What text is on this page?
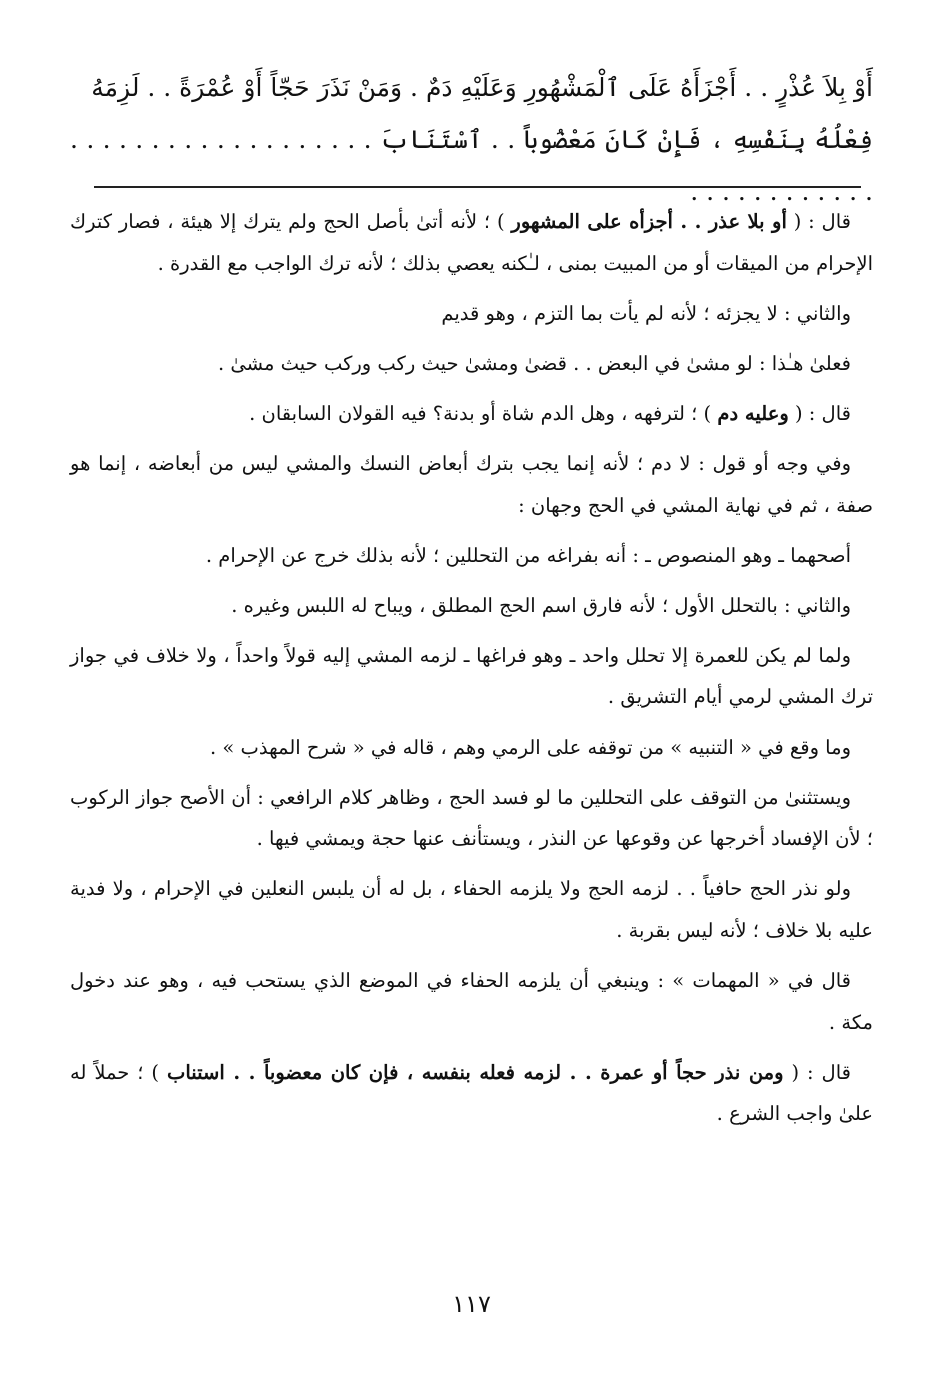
أَوْ بِلاَ عُذْرٍ . . أَجْزَأَهُ عَلَى ٱلْمَشْهُورِ وَعَلَيْهِ دَمٌ . وَمَنْ نَذَرَ حَجّاً أَوْ عُمْرَةً . . لَزِمَهُ

فِعْلُهُ بِنَفْسِهِ ، فَإِنْ كَانَ مَعْضُوباً . . ٱسْتَنَابَ . . . . . . . . . . . . . . . . . . . . . . . . . . . . . . .

قال : ( أو بلا عذر . . أجزأه على المشهور ) ؛ لأنه أتىٰ بأصل الحج ولم يترك إلا هيئة ، فصار كترك الإحرام من الميقات أو من المبيت بمنى ، لـٰكنه يعصي بذلك ؛ لأنه ترك الواجب مع القدرة .

والثاني : لا يجزئه ؛ لأنه لم يأت بما التزم ، وهو قديم

فعلىٰ هـٰذا : لو مشىٰ في البعض . . قضىٰ ومشىٰ حيث ركب وركب حيث مشىٰ .

قال : ( وعليه دم ) ؛ لترفهه ، وهل الدم شاة أو بدنة؟ فيه القولان السابقان .

وفي وجه أو قول : لا دم ؛ لأنه إنما يجب بترك أبعاض النسك والمشي ليس من أبعاضه ، إنما هو صفة ، ثم في نهاية المشي في الحج وجهان :

أصحهما ـ وهو المنصوص ـ : أنه بفراغه من التحللين ؛ لأنه بذلك خرج عن الإحرام .

والثاني : بالتحلل الأول ؛ لأنه فارق اسم الحج المطلق ، ويباح له اللبس وغيره .

ولما لم يكن للعمرة إلا تحلل واحد ـ وهو فراغها ـ لزمه المشي إليه قولاً واحداً ، ولا خلاف في جواز ترك المشي لرمي أيام التشريق .

وما وقع في « التنبيه » من توقفه على الرمي وهم ، قاله في « شرح المهذب » .

ويستثنىٰ من التوقف على التحللين ما لو فسد الحج ، وظاهر كلام الرافعي : أن الأصح جواز الركوب ؛ لأن الإفساد أخرجها عن وقوعها عن النذر ، ويستأنف عنها حجة ويمشي فيها .

ولو نذر الحج حافياً . . لزمه الحج ولا يلزمه الحفاء ، بل له أن يلبس النعلين في الإحرام ، ولا فدية عليه بلا خلاف ؛ لأنه ليس بقربة .

قال في « المهمات » : وينبغي أن يلزمه الحفاء في الموضع الذي يستحب فيه ، وهو عند دخول مكة .

قال : ( ومن نذر حجاً أو عمرة . . لزمه فعله بنفسه ، فإن كان معضوباً . . استناب ) ؛ حملاً له علىٰ واجب الشرع .

١١٧
